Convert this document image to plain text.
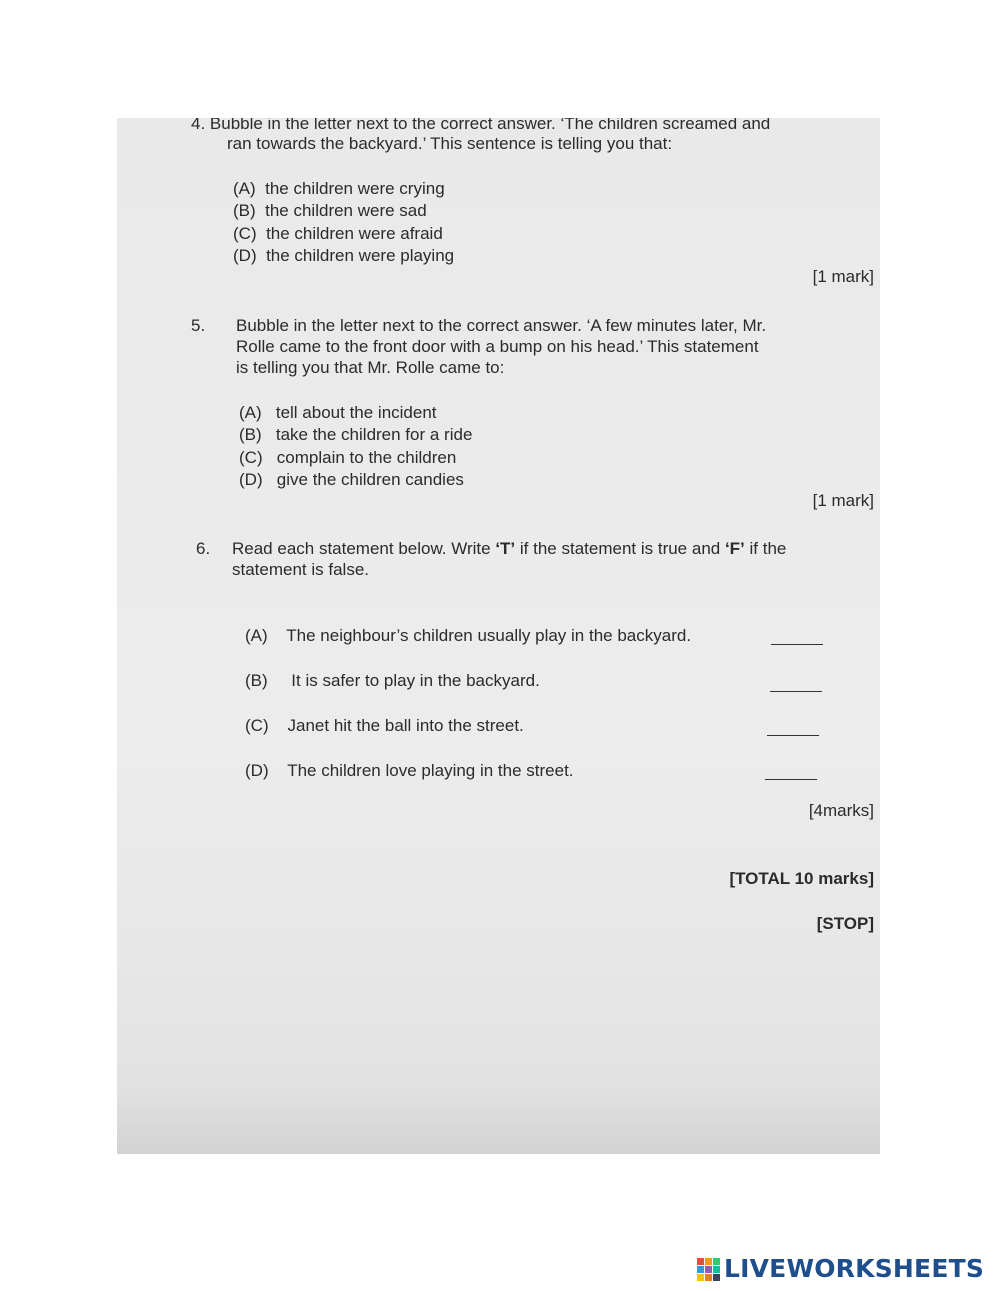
4. Bubble in the letter next to the correct answer. ‘The children screamed and
ran towards the backyard.’ This sentence is telling you that:
(A) the children were crying
(B) the children were sad
(C) the children were afraid
(D) the children were playing
[1 mark]
5. Bubble in the letter next to the correct answer. ‘A few minutes later, Mr.
Rolle came to the front door with a bump on his head.’ This statement
is telling you that Mr. Rolle came to:
(A) tell about the incident
(B) take the children for a ride
(C) complain to the children
(D) give the children candies
[1 mark]
6. Read each statement below. Write ‘T’ if the statement is true and ‘F’ if the
statement is false.
(A) The neighbour’s children usually play in the backyard.
(B) It is safer to play in the backyard.
(C) Janet hit the ball into the street.
(D) The children love playing in the street.
[4marks]
[TOTAL 10 marks]
[STOP]
LIVEWORKSHEETS
